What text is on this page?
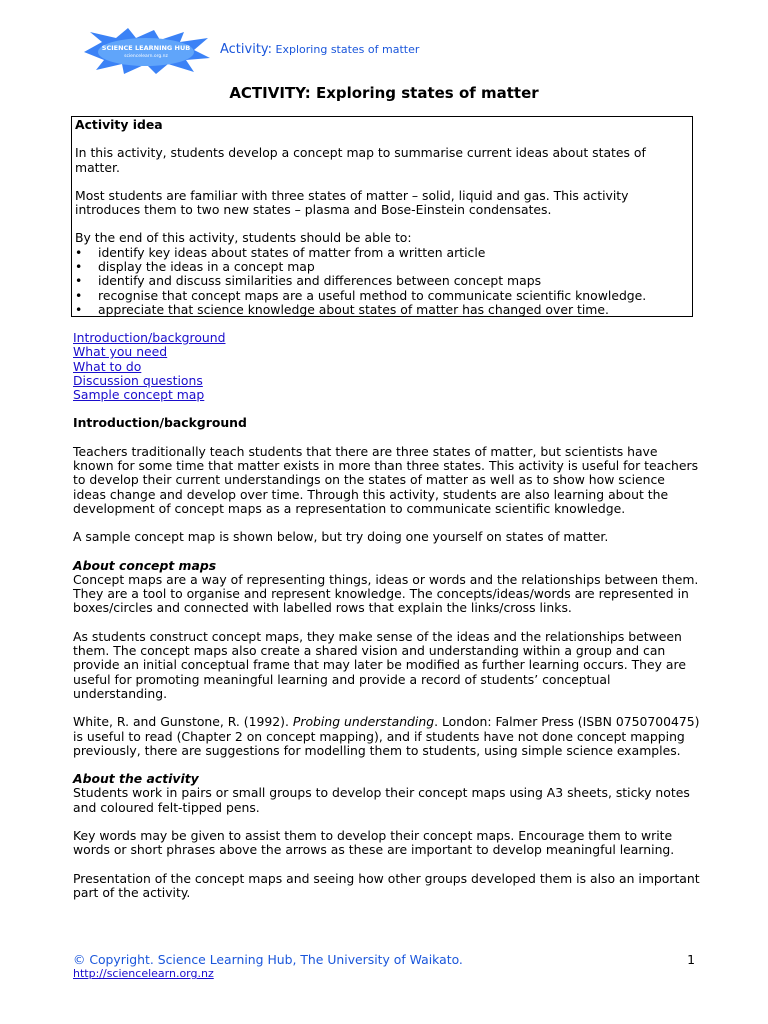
SCIENCE LEARNING HUB
sciencelearn.org.nz	Activity: Exploring states of matter
ACTIVITY: Exploring states of matter

Activity idea

In this activity, students develop a concept map to summarise current ideas about states of matter.

Most students are familiar with three states of matter – solid, liquid and gas. This activity introduces them to two new states – plasma and Bose-Einstein condensates.

By the end of this activity, students should be able to:

• identify key ideas about states of matter from a written article
• display the ideas in a concept map
• identify and discuss similarities and differences between concept maps
• recognise that concept maps are a useful method to communicate scientific knowledge.
• appreciate that science knowledge about states of matter has changed over time.
Introduction/background
What you need
What to do
Discussion questions
Sample concept map

Introduction/background

Teachers traditionally teach students that there are three states of matter, but scientists have known for some time that matter exists in more than three states. This activity is useful for teachers to develop their current understandings on the states of matter as well as to show how science ideas change and develop over time. Through this activity, students are also learning about the development of concept maps as a representation to communicate scientific knowledge.

A sample concept map is shown below, but try doing one yourself on states of matter.

About concept maps

Concept maps are a way of representing things, ideas or words and the relationships between them. They are a tool to organise and represent knowledge. The concepts/ideas/words are represented in boxes/circles and connected with labelled rows that explain the links/cross links.

As students construct concept maps, they make sense of the ideas and the relationships between them. The concept maps also create a shared vision and understanding within a group and can provide an initial conceptual frame that may later be modified as further learning occurs. They are useful for promoting meaningful learning and provide a record of students’ conceptual understanding.

White, R. and Gunstone, R. (1992). Probing understanding. London: Falmer Press (ISBN 0750700475) is useful to read (Chapter 2 on concept mapping), and if students have not done concept mapping previously, there are suggestions for modelling them to students, using simple science examples.

About the activity

Students work in pairs or small groups to develop their concept maps using A3 sheets, sticky notes and coloured felt-tipped pens.

Key words may be given to assist them to develop their concept maps. Encourage them to write words or short phrases above the arrows as these are important to develop meaningful learning.

Presentation of the concept maps and seeing how other groups developed them is also an important part of the activity.

© Copyright. Science Learning Hub, The University of Waikato.
http://sciencelearn.org.nz
1
